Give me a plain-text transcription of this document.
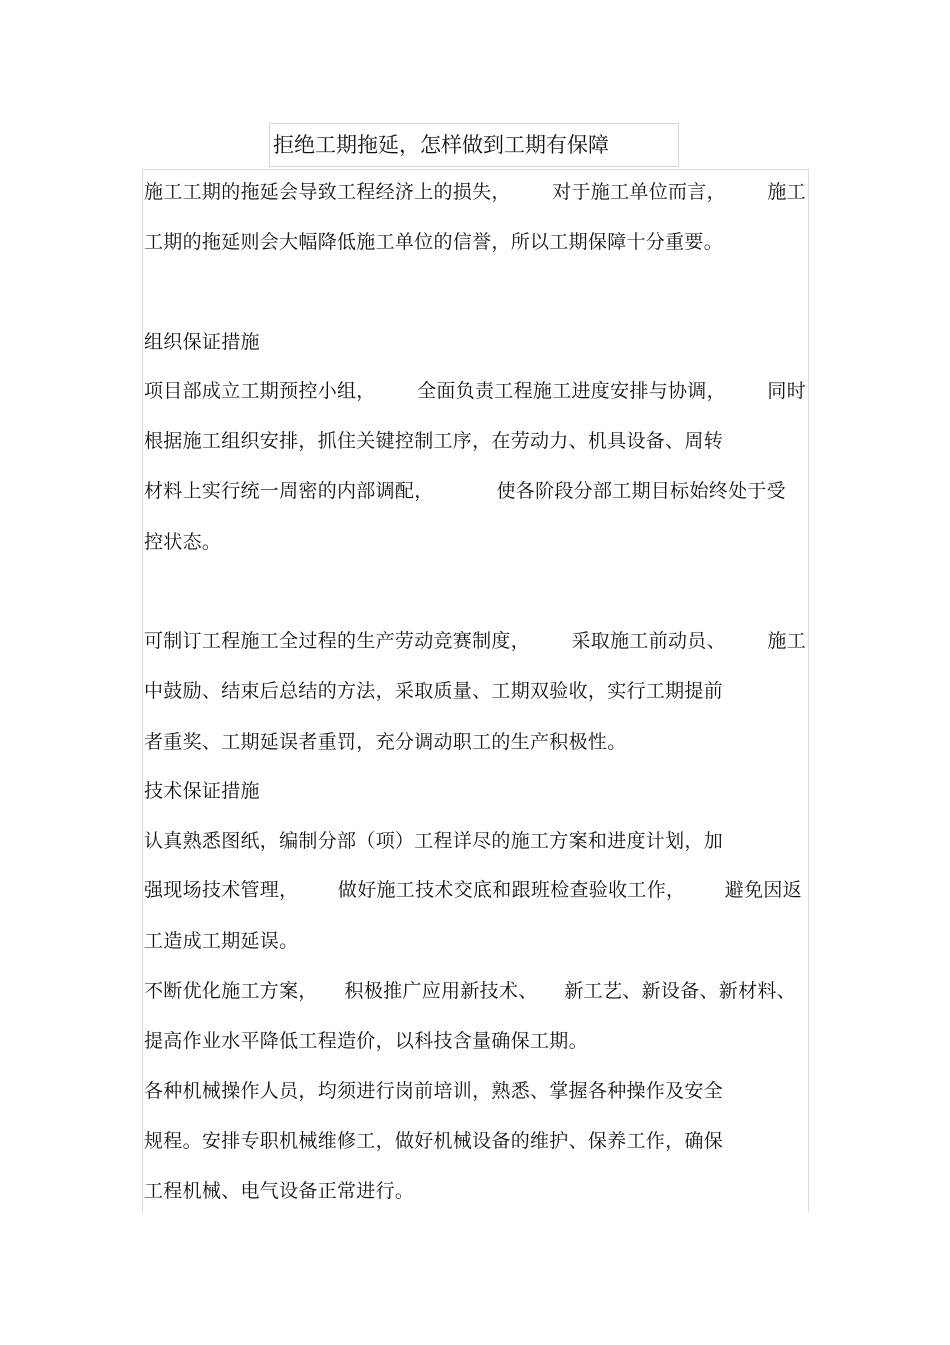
拒绝工期拖延，怎样做到工期有保障
施工工期的拖延会导致工程经济上的损失， 对于施工单位而言， 施工
工期的拖延则会大幅降低施工单位的信誉，所以工期保障十分重要。
组织保证措施
项目部成立工期预控小组， 全面负责工程施工进度安排与协调， 同时
根据施工组织安排，抓住关键控制工序，在劳动力、机具设备、周转
材料上实行统一周密的内部调配，	使各阶段分部工期目标始终处于受
控状态。
可制订工程施工全过程的生产劳动竞赛制度， 采取施工前动员、 施工
中鼓励、结束后总结的方法，采取质量、工期双验收，实行工期提前
者重奖、工期延误者重罚，充分调动职工的生产积极性。
技术保证措施
认真熟悉图纸，编制分部（项）工程详尽的施工方案和进度计划，加
强现场技术管理， 做好施工技术交底和跟班检查验收工作， 避免因返
工造成工期延误。
不断优化施工方案， 积极推广应用新技术、 新工艺、新设备、新材料、
提高作业水平降低工程造价，以科技含量确保工期。
各种机械操作人员，均须进行岗前培训，熟悉、掌握各种操作及安全
规程。安排专职机械维修工，做好机械设备的维护、保养工作，确保
工程机械、电气设备正常进行。
